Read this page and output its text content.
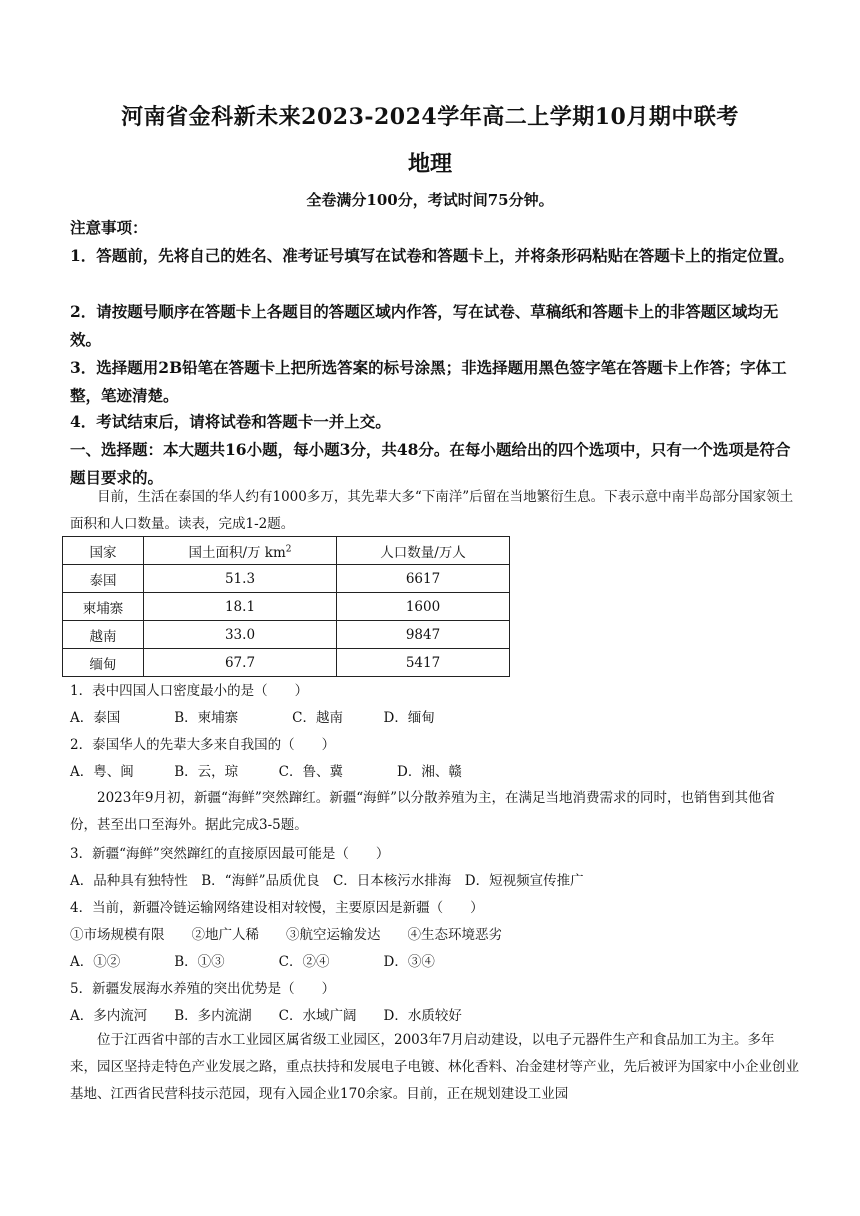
河南省金科新未来2023-2024学年高二上学期10月期中联考
地理
全卷满分100分，考试时间75分钟。
注意事项：
1．答题前，先将自己的姓名、准考证号填写在试卷和答题卡上，并将条形码粘贴在答题卡上的指定位置。
2．请按题号顺序在答题卡上各题目的答题区域内作答，写在试卷、草稿纸和答题卡上的非答题区域均无效。
3．选择题用2B铅笔在答题卡上把所选答案的标号涂黑；非选择题用黑色签字笔在答题卡上作答；字体工整，笔迹清楚。
4．考试结束后，请将试卷和答题卡一并上交。
一、选择题：本大题共16小题，每小题3分，共48分。在每小题给出的四个选项中，只有一个选项是符合题目要求的。
目前，生活在泰国的华人约有1000多万，其先辈大多“下南洋”后留在当地繁衍生息。下表示意中南半岛部分国家领土面积和人口数量。读表，完成1-2题。
国家	国土面积/万 $km^2$	人口数量/万人
泰国	51.3	6617
柬埔寨	18.1	1600
越南	33.0	9847
缅甸	67.7	5417
1．表中四国人口密度最小的是（　　）
A．泰国　　　　B．柬埔寨　　　　C．越南　　　D．缅甸
2．泰国华人的先辈大多来自我国的（　　）
A．粤、闽　　　B．云，琼　　　C．鲁、冀　　　　D．湘、赣
2023年9月初，新疆“海鲜”突然蹿红。新疆“海鲜”以分散养殖为主，在满足当地消费需求的同时，也销售到其他省份，甚至出口至海外。据此完成3-5题。
3．新疆“海鲜”突然蹿红的直接原因最可能是（　　）
A．品种具有独特性　B．“海鲜”品质优良　C．日本核污水排海　D．短视频宣传推广
4．当前，新疆冷链运输网络建设相对较慢，主要原因是新疆（　　）
①市场规模有限　　②地广人稀　　③航空运输发达　　④生态环境恶劣
A．①②　　　　B．①③　　　　C．②④　　　　D．③④
5．新疆发展海水养殖的突出优势是（　　）
A．多内流河　　B．多内流湖　　C．水域广阔　　D．水质较好
位于江西省中部的吉水工业园区属省级工业园区，2003年7月启动建设，以电子元器件生产和食品加工为主。多年来，园区坚持走特色产业发展之路，重点扶持和发展电子电镀、林化香料、冶金建材等产业，先后被评为国家中小企业创业基地、江西省民营科技示范园，现有入园企业170余家。目前，正在规划建设工业园
